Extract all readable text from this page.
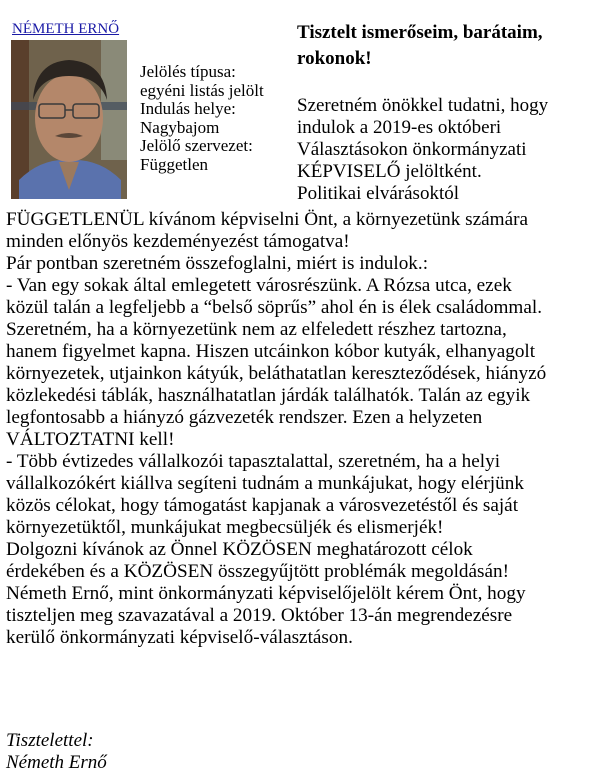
NÉMETH ERNŐ
Jelölés típusa:
egyéni listás jelölt
Indulás helye:
Nagybajom
Jelölő szervezet:
Független
Tisztelt ismerőseim, barátaim, rokonok!
Szeretném önökkel tudatni, hogy
indulok a 2019-es októberi
Választásokon önkormányzati
KÉPVISELŐ jelöltként.
Politikai elvárásoktól
FÜGGETLENÜL kívánom képviselni Önt, a környezetünk számára
minden előnyös kezdeményezést támogatva!
Pár pontban szeretném összefoglalni, miért is indulok.:
- Van egy sokak által emlegetett városrészünk. A Rózsa utca, ezek
közül talán a legfeljebb a “belső söprűs” ahol én is élek családommal.
Szeretném, ha a környezetünk nem az elfeledett részhez tartozna,
hanem figyelmet kapna. Hiszen utcáinkon kóbor kutyák, elhanyagolt
környezetek, utjainkon kátyúk, beláthatatlan kereszteződések, hiányzó
közlekedési táblák, használhatatlan járdák találhatók. Talán az egyik
legfontosabb a hiányzó gázvezeték rendszer. Ezen a helyzeten
VÁLTOZTATNI kell!
- Több évtizedes vállalkozói tapasztalattal, szeretném, ha a helyi
vállalkozókért kiállva segíteni tudnám a munkájukat, hogy elérjünk
közös célokat, hogy támogatást kapjanak a városvezetéstől és saját
környezetüktől, munkájukat megbecsüljék és elismerjék!
Dolgozni kívánok az Önnel KÖZÖSEN meghatározott célok
érdekében és a KÖZÖSEN összegyűjtött problémák megoldásán!
Németh Ernő, mint önkormányzati képviselőjelölt kérem Önt, hogy
tiszteljen meg szavazatával a 2019. Október 13-án megrendezésre
kerülő önkormányzati képviselő-választáson.
Tisztelettel:
Németh Ernő
